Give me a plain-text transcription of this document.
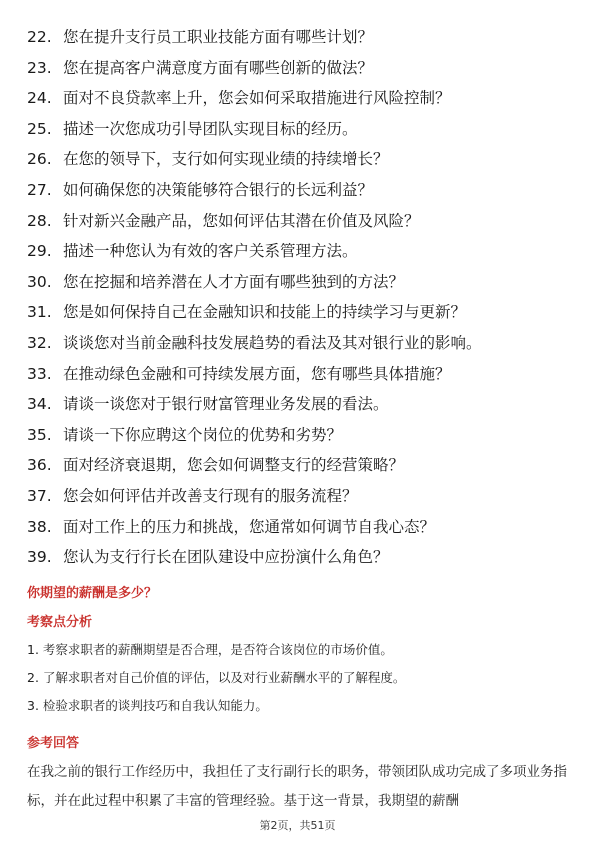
22. 您在提升支行员工职业技能方面有哪些计划？
23. 您在提高客户满意度方面有哪些创新的做法？
24. 面对不良贷款率上升，您会如何采取措施进行风险控制？
25. 描述一次您成功引导团队实现目标的经历。
26. 在您的领导下，支行如何实现业绩的持续增长？
27. 如何确保您的决策能够符合银行的长远利益？
28. 针对新兴金融产品，您如何评估其潜在价值及风险？
29. 描述一种您认为有效的客户关系管理方法。
30. 您在挖掘和培养潜在人才方面有哪些独到的方法？
31. 您是如何保持自己在金融知识和技能上的持续学习与更新？
32. 谈谈您对当前金融科技发展趋势的看法及其对银行业的影响。
33. 在推动绿色金融和可持续发展方面，您有哪些具体措施？
34. 请谈一谈您对于银行财富管理业务发展的看法。
35. 请谈一下你应聘这个岗位的优势和劣势？
36. 面对经济衰退期，您会如何调整支行的经营策略？
37. 您会如何评估并改善支行现有的服务流程？
38. 面对工作上的压力和挑战，您通常如何调节自我心态？
39. 您认为支行行长在团队建设中应扮演什么角色？
你期望的薪酬是多少？
考察点分析
1. 考察求职者的薪酬期望是否合理，是否符合该岗位的市场价值。
2. 了解求职者对自己价值的评估，以及对行业薪酬水平的了解程度。
3. 检验求职者的谈判技巧和自我认知能力。
参考回答

在我之前的银行工作经历中，我担任了支行副行长的职务，带领团队成功完成了多项业务指标，并在此过程中积累了丰富的管理经验。基于这一背景，我期望的薪酬

第2页，共51页
